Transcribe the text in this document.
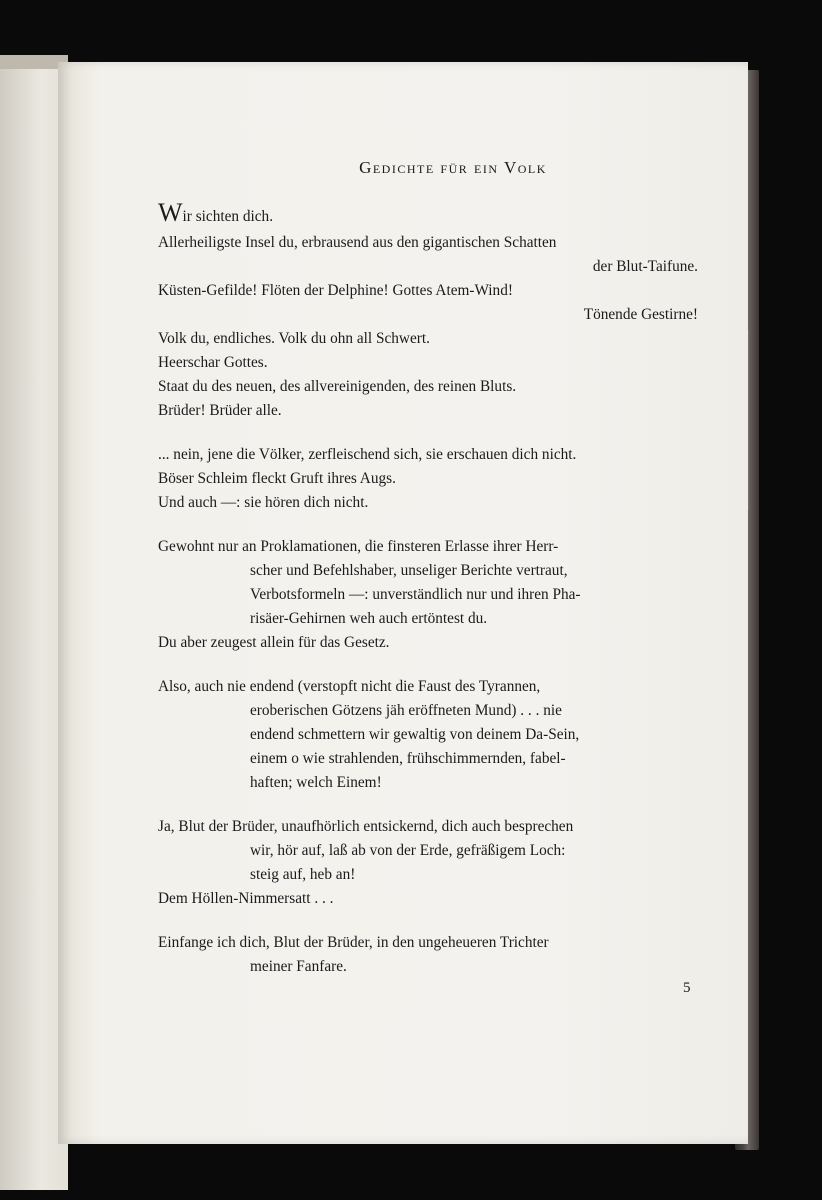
Gedichte für ein Volk
Wir sichten dich.
Allerheiligste Insel du, erbrausend aus den gigantischen Schatten
der Blut-Taifune.
Küsten-Gefilde! Flöten der Delphine! Gottes Atem-Wind!
Tönende Gestirne!
Volk du, endliches. Volk du ohn all Schwert.
Heerschar Gottes.
Staat du des neuen, des allvereinigenden, des reinen Bluts.
Brüder! Brüder alle.
... nein, jene die Völker, zerfleischend sich, sie erschauen dich nicht.
Böser Schleim fleckt Gruft ihres Augs.
Und auch —: sie hören dich nicht.
Gewohnt nur an Proklamationen, die finsteren Erlasse ihrer Herr-
scher und Befehlshaber, unseliger Berichte vertraut,
Verbotsformeln —: unverständlich nur und ihren Pha-
risäer-Gehirnen weh auch ertöntest du.
Du aber zeugest allein für das Gesetz.
Also, auch nie endend (verstopft nicht die Faust des Tyrannen,
eroberischen Götzens jäh eröffneten Mund) . . . nie
endend schmettern wir gewaltig von deinem Da-Sein,
einem o wie strahlenden, frühschimmernden, fabel-
haften; welch Einem!
Ja, Blut der Brüder, unaufhörlich entsickernd, dich auch besprechen
wir, hör auf, laß ab von der Erde, gefräßigem Loch:
steig auf, heb an!
Dem Höllen-Nimmersatt . . .
Einfange ich dich, Blut der Brüder, in den ungeheueren Trichter
meiner Fanfare.
5
